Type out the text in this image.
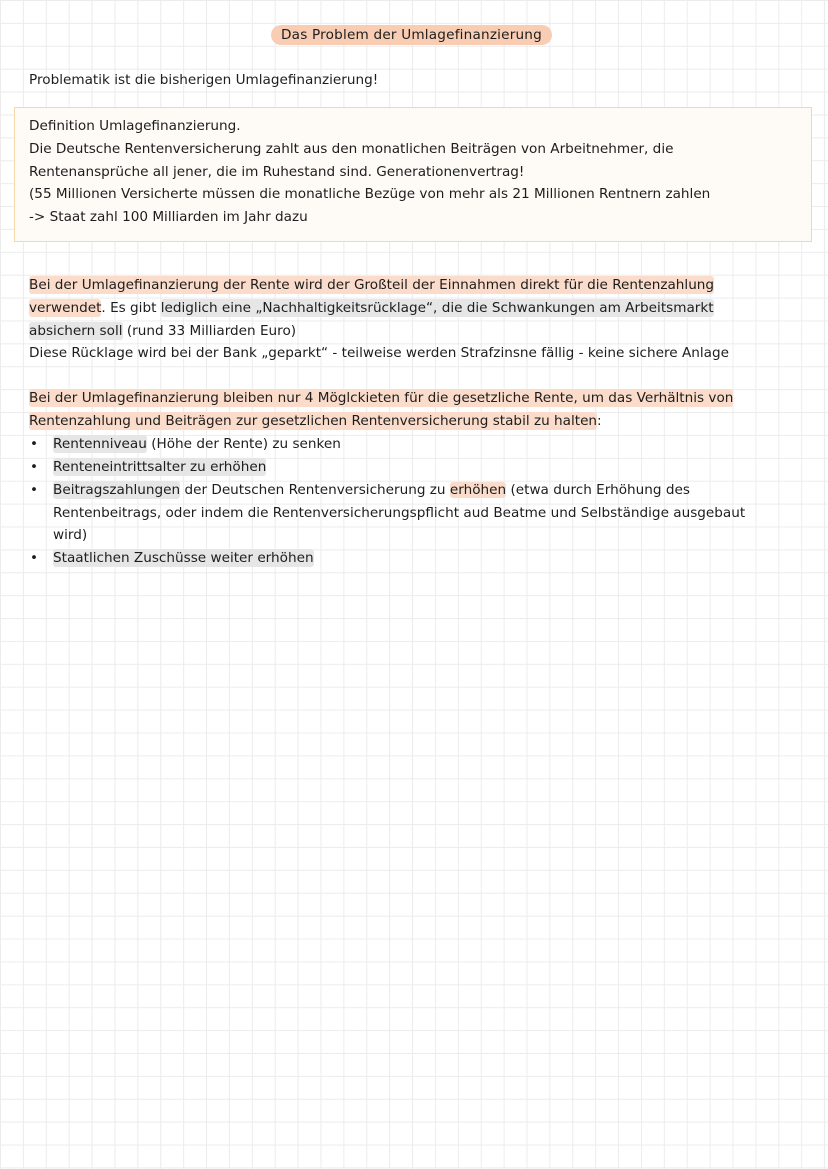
Das Problem der Umlagefinanzierung
Problematik ist die bisherigen Umlagefinanzierung!
Definition Umlagefinanzierung.
Die Deutsche Rentenversicherung zahlt aus den monatlichen Beiträgen von Arbeitnehmer, die
Rentenansprüche all jener, die im Ruhestand sind. Generationenvertrag!
(55 Millionen Versicherte müssen die monatliche Bezüge von mehr als 21 Millionen Rentnern zahlen
-> Staat zahl 100 Milliarden im Jahr dazu
Bei der Umlagefinanzierung der Rente wird der Großteil der Einnahmen direkt für die Rentenzahlung
verwendet. Es gibt lediglich eine „Nachhaltigkeitsrücklage“, die die Schwankungen am Arbeitsmarkt
absichern soll (rund 33 Milliarden Euro)
Diese Rücklage wird bei der Bank „geparkt“ - teilweise werden Strafzinsne fällig - keine sichere Anlage
Bei der Umlagefinanzierung bleiben nur 4 Möglckieten für die gesetzliche Rente, um das Verhältnis von
Rentenzahlung und Beiträgen zur gesetzlichen Rentenversicherung stabil zu halten:
• Rentenniveau (Höhe der Rente) zu senken
• Renteneintrittsalter zu erhöhen
• Beitragszahlungen der Deutschen Rentenversicherung zu erhöhen (etwa durch Erhöhung des
Rentenbeitrags, oder indem die Rentenversicherungspflicht aud Beatme und Selbständige ausgebaut
wird)
• Staatlichen Zuschüsse weiter erhöhen
